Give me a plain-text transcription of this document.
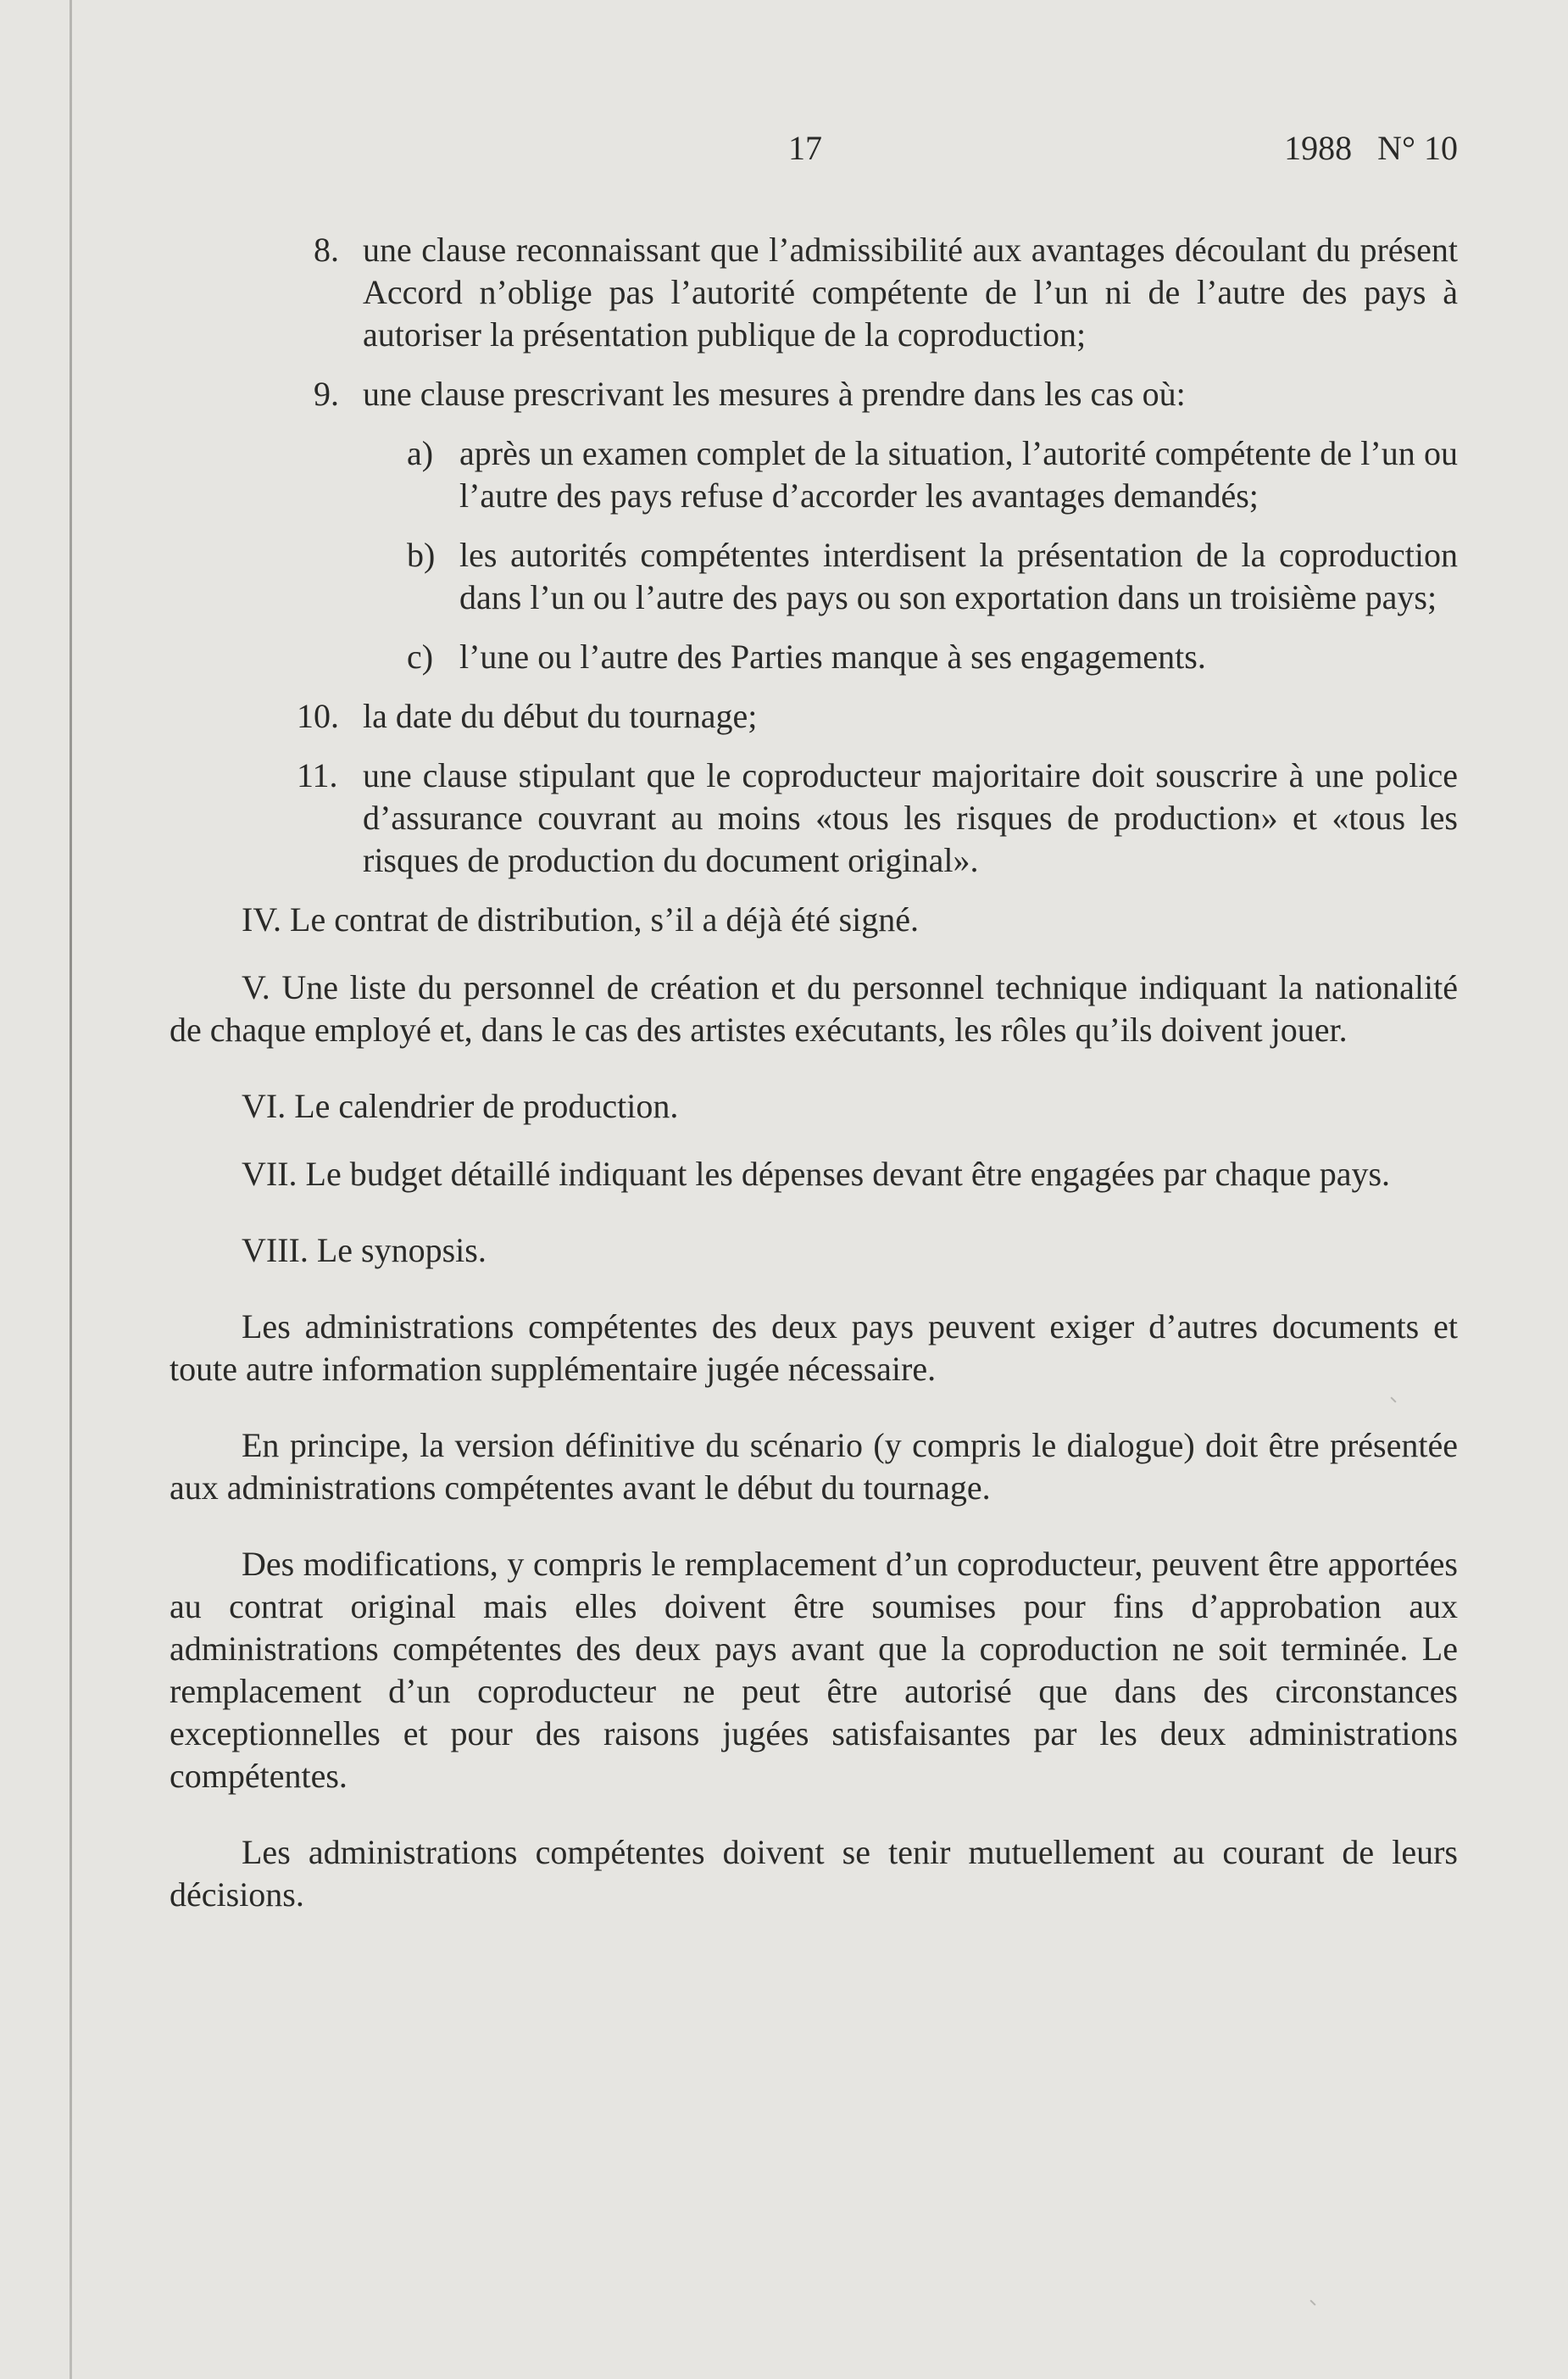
17	1988   N° 10
8. une clause reconnaissant que l’admissibilité aux avantages découlant du présent Accord n’oblige pas l’autorité compétente de l’un ni de l’autre des pays à autoriser la présentation publique de la coproduction;
9. une clause prescrivant les mesures à prendre dans les cas où:
a) après un examen complet de la situation, l’autorité compétente de l’un ou l’autre des pays refuse d’accorder les avantages demandés;
b) les autorités compétentes interdisent la présentation de la coproduction dans l’un ou l’autre des pays ou son exportation dans un troisième pays;
c) l’une ou l’autre des Parties manque à ses engagements.
10. la date du début du tournage;
11. une clause stipulant que le coproducteur majoritaire doit souscrire à une police d’assurance couvrant au moins «tous les risques de production» et «tous les risques de production du document original».

IV. Le contrat de distribution, s’il a déjà été signé.

V. Une liste du personnel de création et du personnel technique indiquant la nationalité de chaque employé et, dans le cas des artistes exécutants, les rôles qu’ils doivent jouer.

VI. Le calendrier de production.

VII. Le budget détaillé indiquant les dépenses devant être engagées par chaque pays.

VIII. Le synopsis.

Les administrations compétentes des deux pays peuvent exiger d’autres documents et toute autre information supplémentaire jugée nécessaire.

En principe, la version définitive du scénario (y compris le dialogue) doit être présentée aux administrations compétentes avant le début du tournage.

Des modifications, y compris le remplacement d’un coproducteur, peuvent être apportées au contrat original mais elles doivent être soumises pour fins d’approbation aux administrations compétentes des deux pays avant que la coproduction ne soit terminée. Le remplacement d’un coproducteur ne peut être autorisé que dans des circonstances exceptionnelles et pour des raisons jugées satisfaisantes par les deux administrations compétentes.

Les administrations compétentes doivent se tenir mutuellement au courant de leurs décisions.
